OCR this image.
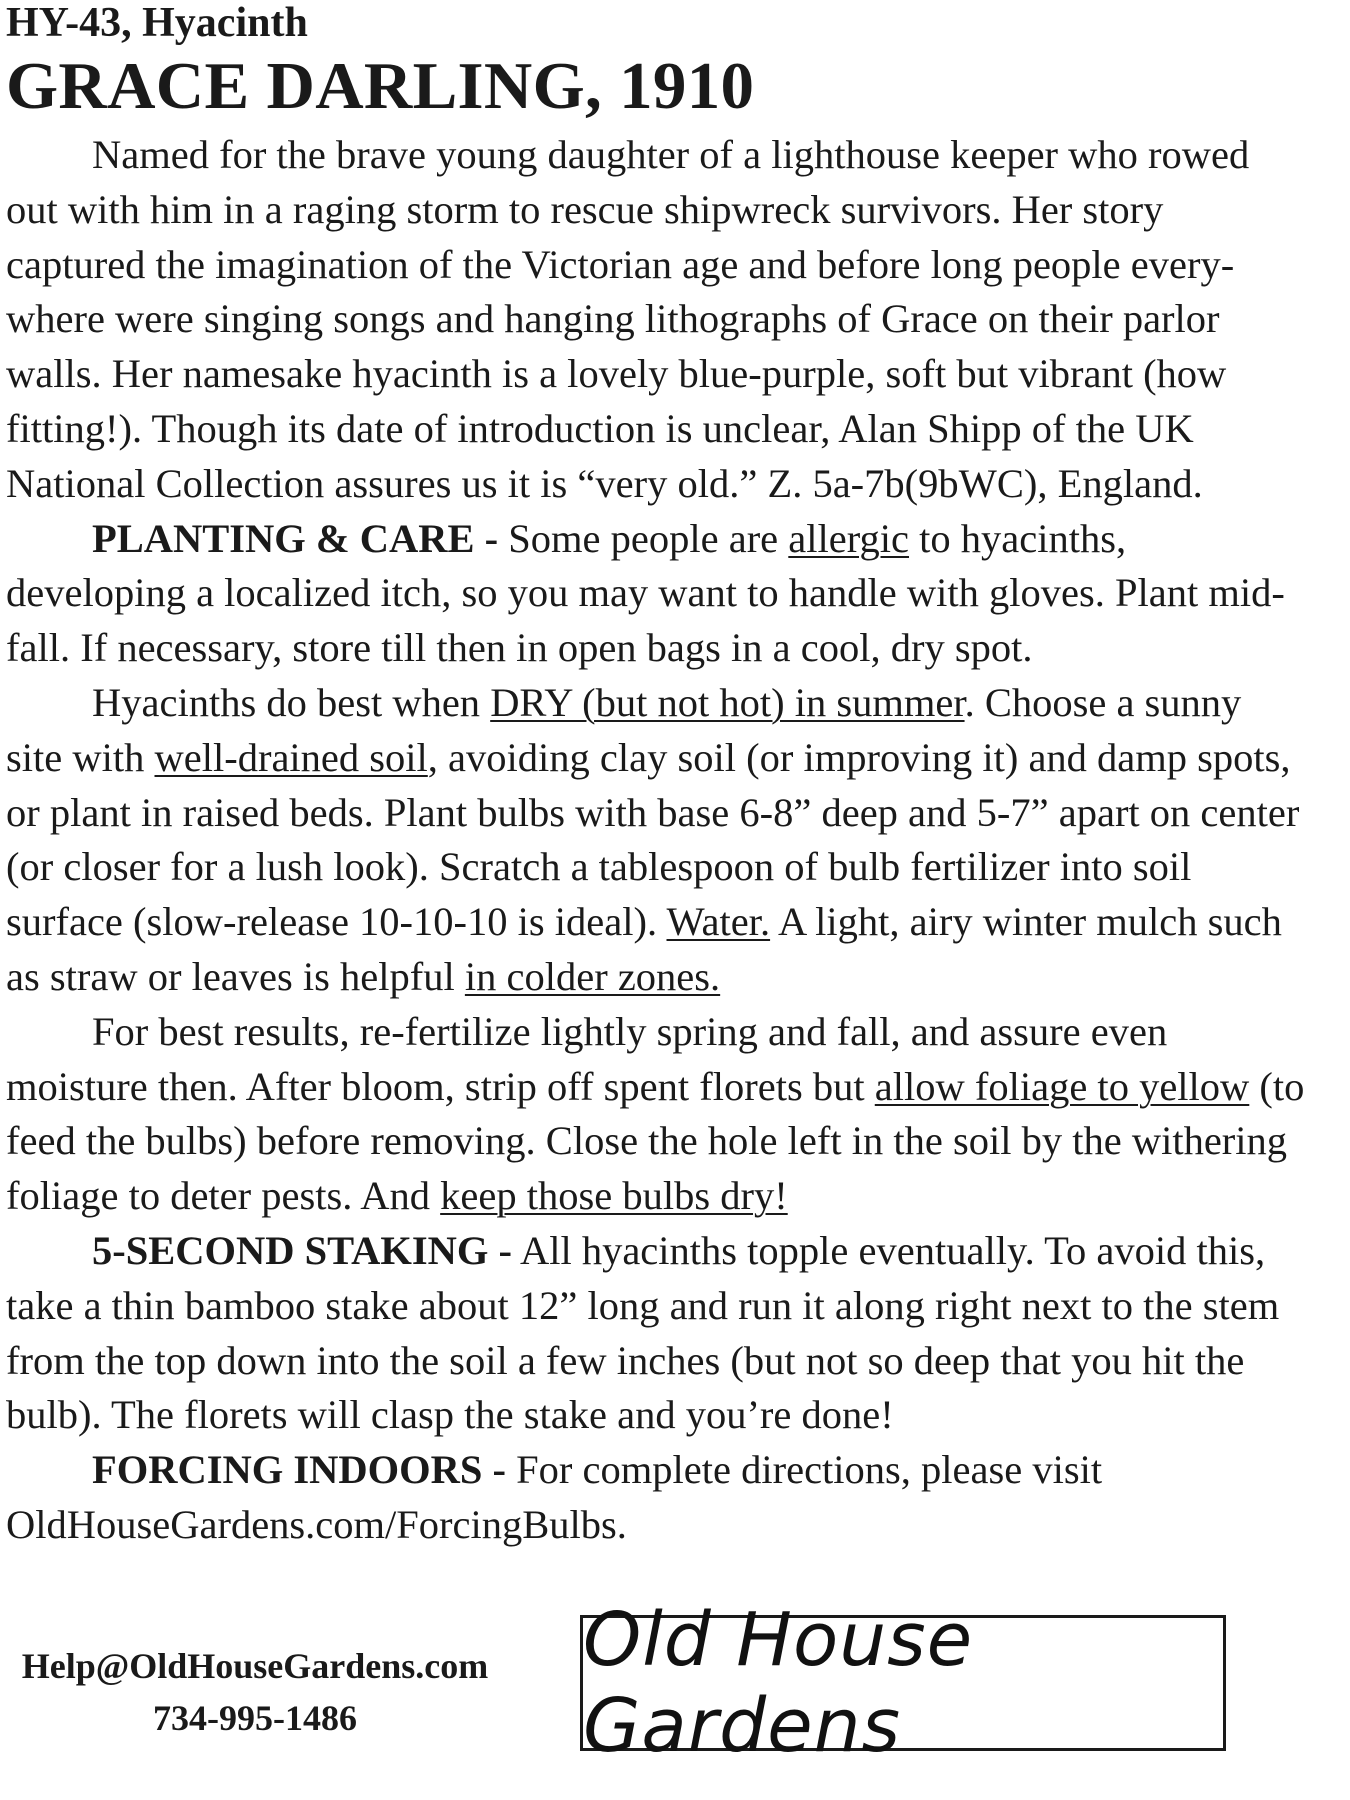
HY-43, Hyacinth
GRACE DARLING, 1910

Named for the brave young daughter of a lighthouse keeper who rowed out with him in a raging storm to rescue shipwreck survivors. Her story captured the imagination of the Victorian age and before long people every-where were singing songs and hanging lithographs of Grace on their parlor walls. Her namesake hyacinth is a lovely blue-purple, soft but vibrant (how fitting!). Though its date of introduction is unclear, Alan Shipp of the UK National Collection assures us it is “very old.” Z. 5a-7b(9bWC), England.

PLANTING & CARE - Some people are allergic to hyacinths, developing a localized itch, so you may want to handle with gloves. Plant mid-fall. If necessary, store till then in open bags in a cool, dry spot.

Hyacinths do best when DRY (but not hot) in summer. Choose a sunny site with well-drained soil, avoiding clay soil (or improving it) and damp spots, or plant in raised beds. Plant bulbs with base 6-8” deep and 5-7” apart on center (or closer for a lush look). Scratch a tablespoon of bulb fertilizer into soil surface (slow-release 10-10-10 is ideal). Water. A light, airy winter mulch such as straw or leaves is helpful in colder zones.

For best results, re-fertilize lightly spring and fall, and assure even moisture then. After bloom, strip off spent florets but allow foliage to yellow (to feed the bulbs) before removing. Close the hole left in the soil by the withering foliage to deter pests. And keep those bulbs dry!

5-SECOND STAKING - All hyacinths topple eventually. To avoid this, take a thin bamboo stake about 12” long and run it along right next to the stem from the top down into the soil a few inches (but not so deep that you hit the bulb). The florets will clasp the stake and you’re done!

FORCING INDOORS - For complete directions, please visit OldHouseGardens.com/ForcingBulbs.

Help@OldHouseGardens.com
734-995-1486
Old House Gardens
